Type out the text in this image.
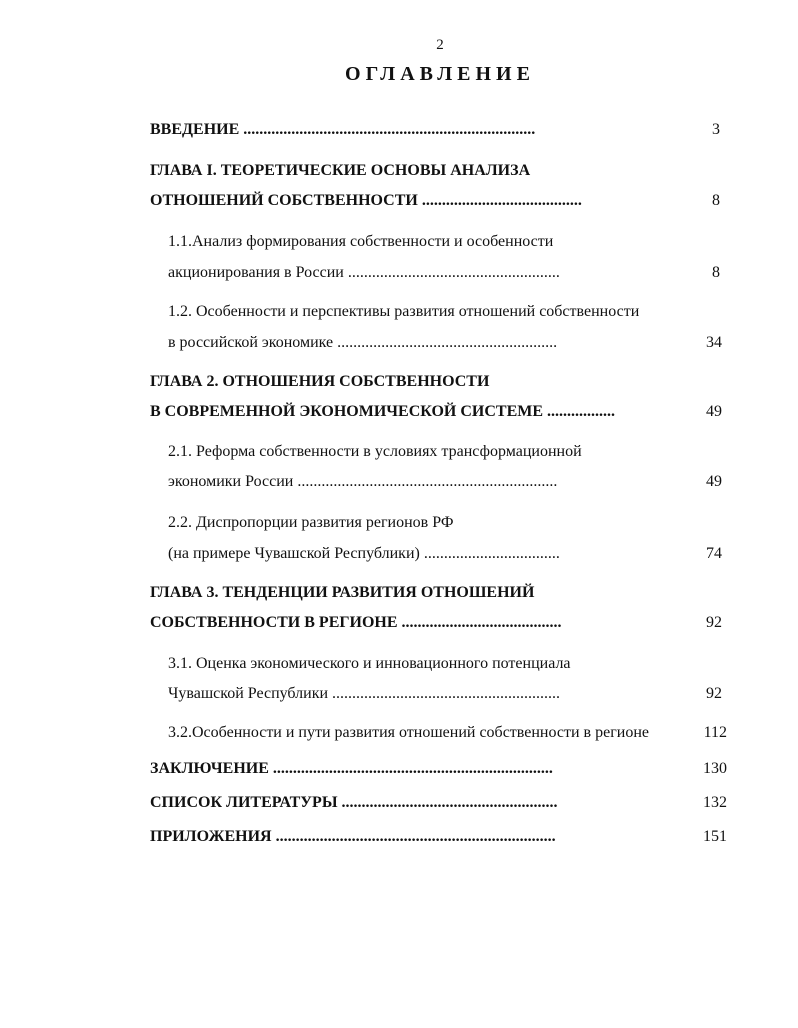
2
ОГЛАВЛЕНИЕ
ВВЕДЕНИЕ .........................................................................	3
ГЛАВА I. ТЕОРЕТИЧЕСКИЕ ОСНОВЫ АНАЛИЗА
ОТНОШЕНИЙ СОБСТВЕННОСТИ ........................................	8
1.1.Анализ формирования собственности и особенности
акционирования в России .....................................................	8
1.2. Особенности и перспективы развития отношений собственности
в российской экономике .......................................................	34
ГЛАВА 2. ОТНОШЕНИЯ СОБСТВЕННОСТИ
В СОВРЕМЕННОЙ ЭКОНОМИЧЕСКОЙ СИСТЕМЕ .................	49
2.1. Реформа собственности в условиях трансформационной
экономики России .................................................................	49
2.2. Диспропорции развития регионов РФ
(на примере Чувашской Республики) ..................................	74
ГЛАВА 3. ТЕНДЕНЦИИ РАЗВИТИЯ ОТНОШЕНИЙ
СОБСТВЕННОСТИ В РЕГИОНЕ ........................................	92
3.1. Оценка экономического и инновационного потенциала
Чувашской Республики .........................................................	92
3.2.Особенности и пути развития отношений собственности в регионе	112
ЗАКЛЮЧЕНИЕ ......................................................................	130
СПИСОК ЛИТЕРАТУРЫ ......................................................	132
ПРИЛОЖЕНИЯ ......................................................................	151
